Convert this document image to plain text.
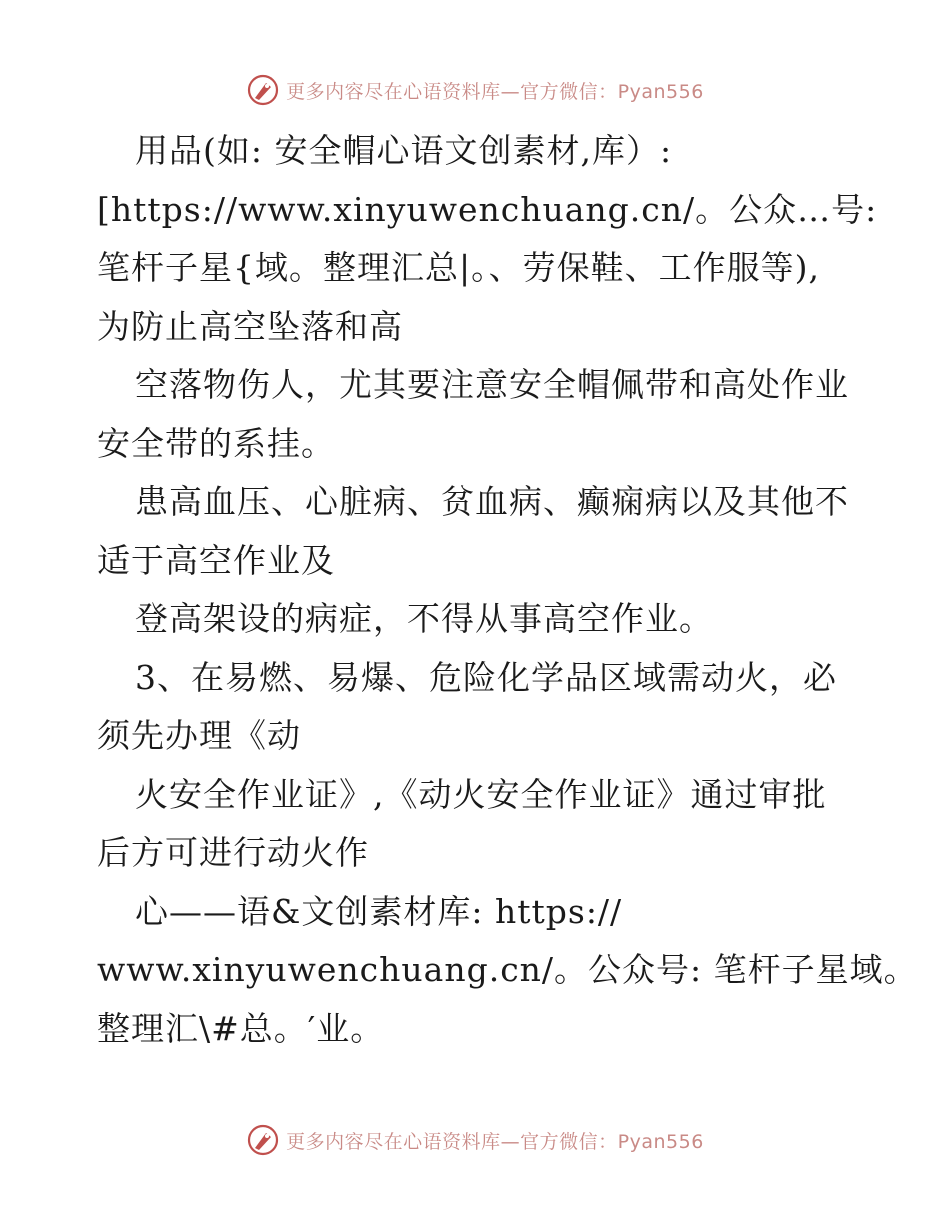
更多内容尽在心语资料库—官方微信：Pyan556
用品(如: 安全帽心语文创素材,库）:
[https://www.xinyuwenchuang.cn/。公众…号:
笔杆子星{域。整理汇总|。、劳保鞋、工作服等),
为防止高空坠落和高
空落物伤人，尤其要注意安全帽佩带和高处作业
安全带的系挂。
患高血压、心脏病、贫血病、癫痫病以及其他不
适于高空作业及
登高架设的病症，不得从事高空作业。
3、在易燃、易爆、危险化学品区域需动火，必
须先办理《动
火安全作业证》,《动火安全作业证》通过审批
后方可进行动火作
心——语&文创素材库: https://
www.xinyuwenchuang.cn/。公众号: 笔杆子星域。
整理汇\#总。′业。
更多内容尽在心语资料库—官方微信：Pyan556
